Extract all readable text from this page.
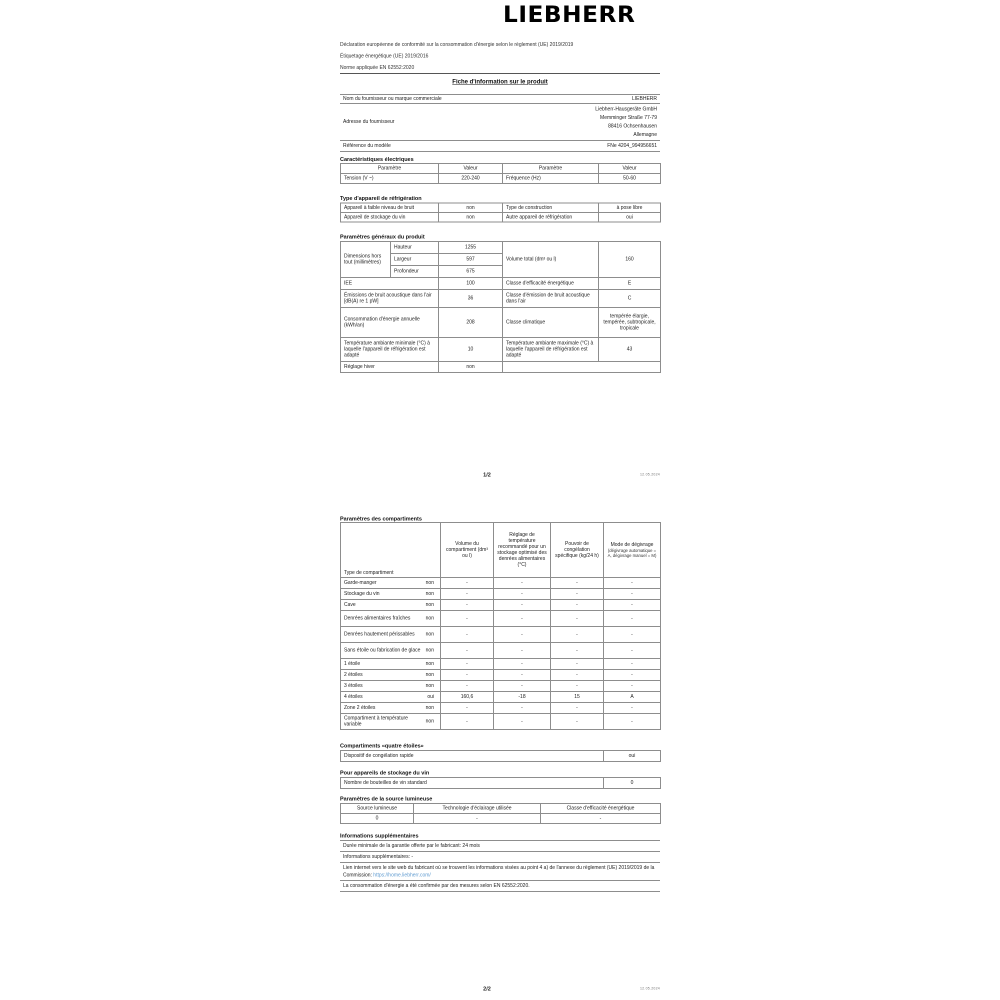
LIEBHERR
Déclaration européenne de conformité sur la consommation d'énergie selon le règlement (UE) 2019/2019
Étiquetage énergétique (UE) 2019/2016
Norme appliquée EN 62552:2020
Fiche d'information sur le produit
Nom du fournisseur ou marque commerciale	LIEBHERR
Adresse du fournisseur	Liebherr-Hausgeräte GmbH
Memminger Straße 77-79
88416 Ochsenhausen
Allemagne

Référence du modèle	FNe 4204_994956651
Caractéristiques électriques
Paramètre	Valeur	Paramètre	Valeur
Tension (V ~)	220-240	Fréquence (Hz)	50-60
Type d'appareil de réfrigération
Appareil à faible niveau de bruit	non	Type de construction	à pose libre
Appareil de stockage du vin	non	Autre appareil de réfrigération	oui
Paramètres généraux du produit
Dimensions hors tout (millimètres)	Hauteur	1255	Volume total (dm³ ou l)	160
	Largeur	597		
	Profondeur	675		
IEE		100	Classe d'efficacité énergétique	E
Émissions de bruit acoustique dans l'air [dB(A) re 1 pW]		36	Classe d'émission de bruit acoustique dans l'air	C
Consommation d'énergie annuelle (kWh/an)		208	Classe climatique	tempérée élargie, tempérée, subtropicale, tropicale
Température ambiante minimale (°C) à laquelle l'appareil de réfrigération est adapté		10	Température ambiante maximale (°C) à laquelle l'appareil de réfrigération est adapté	43
Réglage hiver		non		
1/2	12.05.2024
Paramètres des compartiments
Type de compartiment	Volume du compartiment (dm³ ou l)	Réglage de température recommandé pour un stockage optimisé des denrées alimentaires (°C)	Pouvoir de congélation spécifique (kg/24 h)	Mode de dégivrage
(dégivrage automatique = A, dégivrage manuel = M)

Garde-manger non	-	-	-	-

Stockage du vin non	-	-	-	-

Cave non	-	-	-	-

Denrées alimentaires fraîches non	-	-	-	-

Denrées hautement périssables non	-	-	-	-

Sans étoile ou fabrication de glace non	-	-	-	-

1 étoile non	-	-	-	-

2 étoiles non	-	-	-	-

3 étoiles non	-	-	-	-

4 étoiles oui	160,6	-18	15	A

Zone 2 étoiles non	-	-	-	-

Compartiment à température variable
non	-	-	-	-
Compartiments «quatre étoiles»
Dispositif de congélation rapide	oui
Pour appareils de stockage du vin
Nombre de bouteilles de vin standard	0
Paramètres de la source lumineuse
Source lumineuse	Technologie d'éclairage utilisée	Classe d'efficacité énergétique
0	-	-
Informations supplémentaires
Durée minimale de la garantie offerte par le fabricant: 24 mois
Informations supplémentaires: -
Lien internet vers le site web du fabricant où se trouvent les informations visées au point 4 a) de l'annexe du règlement (UE) 2019/2019 de la Commission: https://home.liebherr.com/
La consommation d'énergie a été confirmée par des mesures selon EN 62552:2020.
2/2	12.05.2024
